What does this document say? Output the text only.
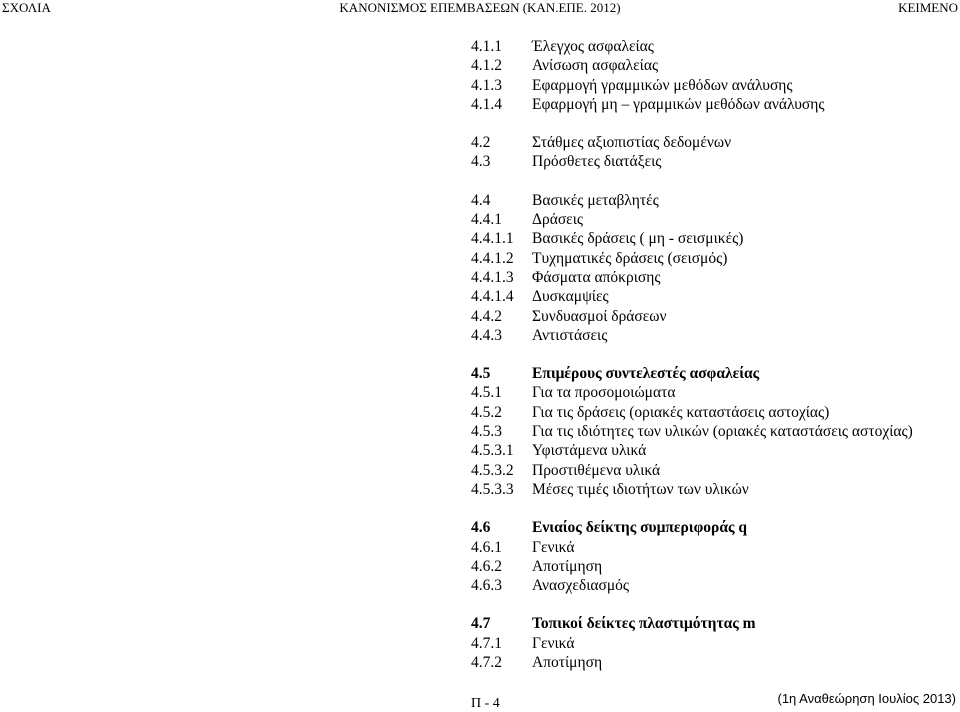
ΚΑΝΟΝΙΣΜΟΣ ΕΠΕΜΒΑΣΕΩΝ (ΚΑΝ.ΕΠΕ. 2012)
ΣΧΟΛΙΑ	ΚΕΙΜΕΝΟ
4.1.1 Έλεγχος ασφαλείας
4.1.2 Ανίσωση ασφαλείας
4.1.3 Εφαρμογή γραμμικών μεθόδων ανάλυσης
4.1.4 Εφαρμογή μη – γραμμικών μεθόδων ανάλυσης
4.2	Στάθμες αξιοπιστίας δεδομένων
4.3	Πρόσθετες διατάξεις
4.4	Βασικές μεταβλητές
4.4.1 Δράσεις
4.4.1.1 Βασικές δράσεις ( μη - σεισμικές)
4.4.1.2 Τυχηματικές δράσεις (σεισμός)
4.4.1.3 Φάσματα απόκρισης
4.4.1.4 Δυσκαμψίες
4.4.2 Συνδυασμοί δράσεων
4.4.3 Αντιστάσεις
4.5	Επιμέρους συντελεστές ασφαλείας
4.5.1 Για τα προσομοιώματα
4.5.2 Για τις δράσεις (οριακές καταστάσεις αστοχίας)
4.5.3 Για τις ιδιότητες των υλικών (οριακές καταστάσεις αστοχίας)
4.5.3.1 Υφιστάμενα υλικά
4.5.3.2 Προστιθέμενα υλικά
4.5.3.3 Μέσες τιμές ιδιοτήτων των υλικών
4.6	Ενιαίος δείκτης συμπεριφοράς q
4.6.1 Γενικά
4.6.2 Αποτίμηση
4.6.3 Ανασχεδιασμός
4.7	Τοπικοί δείκτες πλαστιμότητας m
4.7.1 Γενικά
4.7.2 Αποτίμηση
Π - 4	(1η Αναθεώρηση Ιουλίος 2013)
